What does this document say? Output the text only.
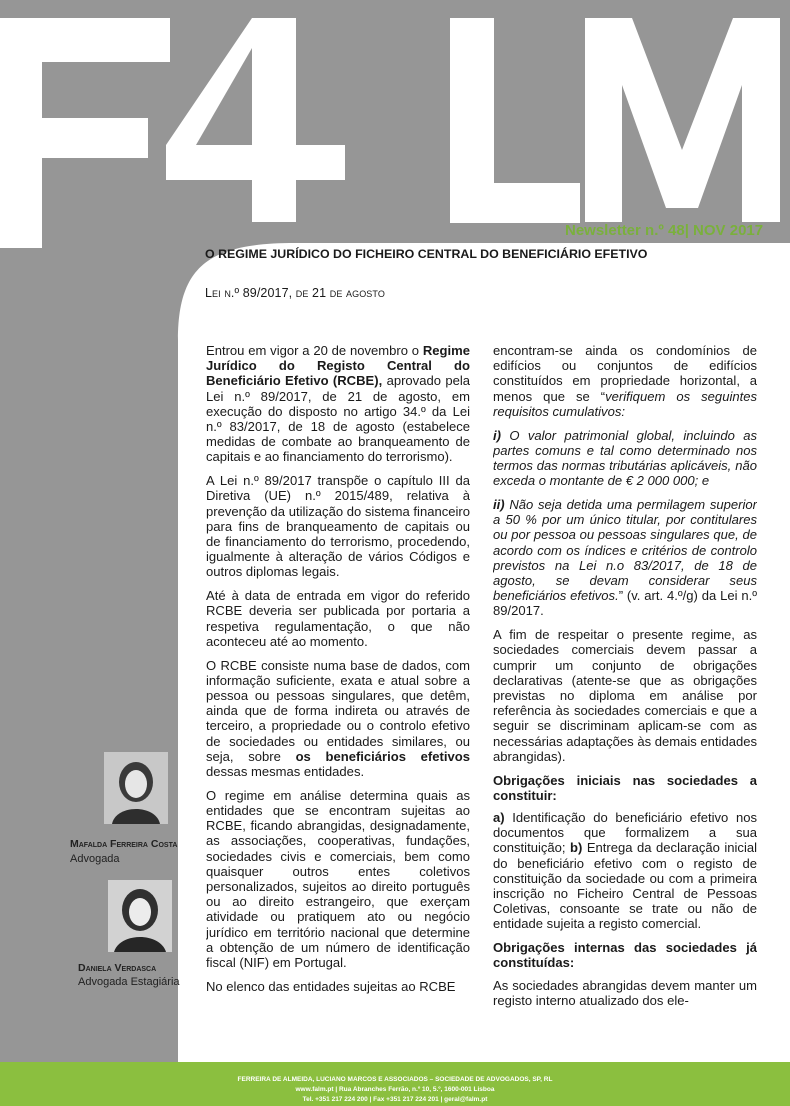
Newsletter n.º 48| NOV 2017
O REGIME JURÍDICO DO FICHEIRO CENTRAL DO BENEFICIÁRIO EFETIVO
Lei n.º 89/2017, de 21 de agosto

Entrou em vigor a 20 de novembro o Regime Jurídico do Registo Central do Beneficiário Efetivo (RCBE), aprovado pela Lei n.º 89/2017, de 21 de agosto, em execução do disposto no artigo 34.º da Lei n.º 83/2017, de 18 de agosto (estabelece medidas de combate ao branqueamento de capitais e ao financiamento do terrorismo).

A Lei n.º 89/2017 transpõe o capítulo III da Diretiva (UE) n.º 2015/489, relativa à prevenção da utilização do sistema financeiro para fins de branqueamento de capitais ou de financiamento do terrorismo, procedendo, igualmente à alteração de vários Códigos e outros diplomas legais.

Até à data de entrada em vigor do referido RCBE deveria ser publicada por portaria a respetiva regulamentação, o que não aconteceu até ao momento.

O RCBE consiste numa base de dados, com informação suficiente, exata e atual sobre a pessoa ou pessoas singulares, que detêm, ainda que de forma indireta ou através de terceiro, a propriedade ou o controlo efetivo de sociedades ou entidades similares, ou seja, sobre os beneficiários efetivos dessas mesmas entidades.

O regime em análise determina quais as entidades que se encontram sujeitas ao RCBE, ficando abrangidas, designadamente, as associações, cooperativas, fundações, sociedades civis e comerciais, bem como quaisquer outros entes coletivos personalizados, sujeitos ao direito português ou ao direito estrangeiro, que exerçam atividade ou pratiquem ato ou negócio jurídico em território nacional que determine a obtenção de um número de identificação fiscal (NIF) em Portugal.

No elenco das entidades sujeitas ao RCBE

encontram-se ainda os condomínios de edifícios ou conjuntos de edifícios constituídos em propriedade horizontal, a menos que se “verifiquem os seguintes requisitos cumulativos:

i) O valor patrimonial global, incluindo as partes comuns e tal como determinado nos termos das normas tributárias aplicáveis, não exceda o montante de € 2 000 000; e

ii) Não seja detida uma permilagem superior a 50 % por um único titular, por contitulares ou por pessoa ou pessoas singulares que, de acordo com os índices e critérios de controlo previstos na Lei n.o 83/2017, de 18 de agosto, se devam considerar seus beneficiários efetivos.” (v. art. 4.º/g) da Lei n.º 89/2017.

A fim de respeitar o presente regime, as sociedades comerciais devem passar a cumprir um conjunto de obrigações declarativas (atente-se que as obrigações previstas no diploma em análise por referência às sociedades comerciais e que a seguir se discriminam aplicam-se com as necessárias adaptações às demais entidades abrangidas).

Obrigações iniciais nas sociedades a constituir:

a) Identificação do beneficiário efetivo nos documentos que formalizem a sua constituição; b) Entrega da declaração inicial do beneficiário efetivo com o registo de constituição da sociedade ou com a primeira inscrição no Ficheiro Central de Pessoas Coletivas, consoante se trate ou não de entidade sujeita a registo comercial.

Obrigações internas das sociedades já constituídas:

As sociedades abrangidas devem manter um registo interno atualizado dos ele-

Mafalda Ferreira Costa
Advogada
Daniela Verdasca
Advogada Estagiária
FERREIRA DE ALMEIDA, LUCIANO MARCOS E ASSOCIADOS – SOCIEDADE DE ADVOGADOS, SP, RL
www.falm.pt | Rua Abranches Ferrão, n.º 10, 5.º, 1600-001 Lisboa
Tel. +351 217 224 200 | Fax +351 217 224 201 | geral@falm.pt
